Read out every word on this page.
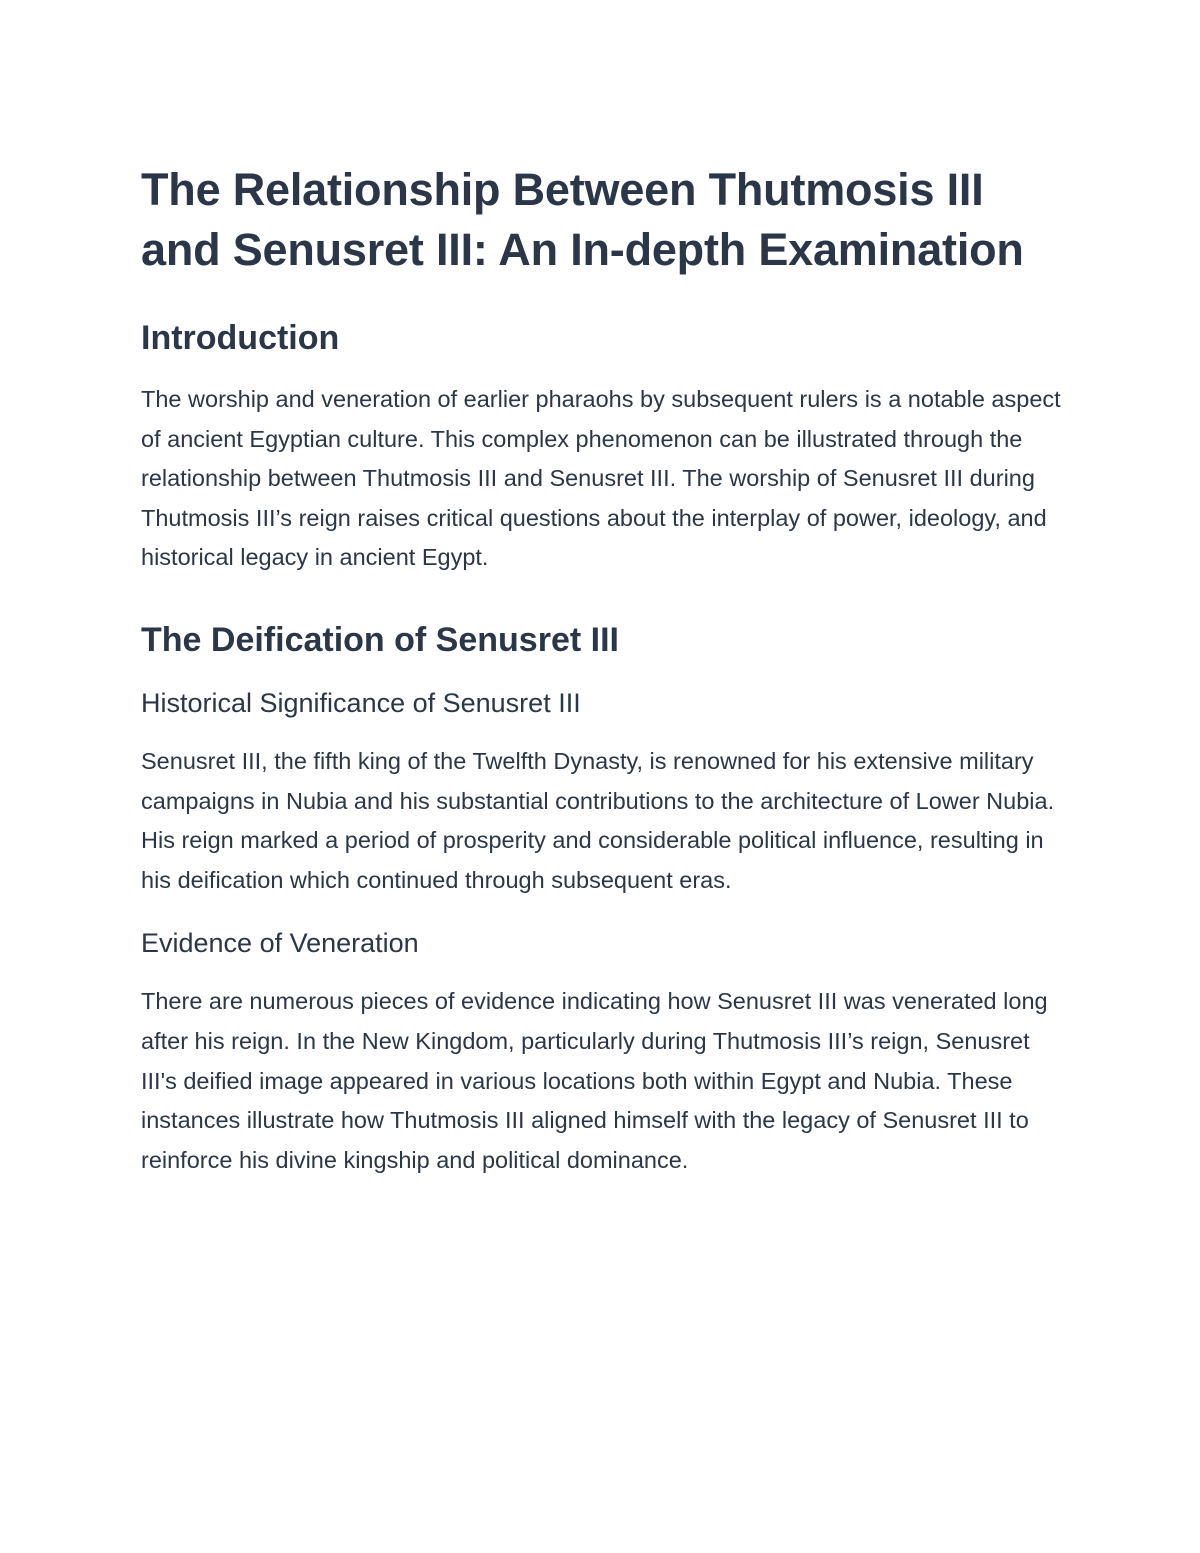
The Relationship Between Thutmosis III and Senusret III: An In-depth Examination
Introduction

The worship and veneration of earlier pharaohs by subsequent rulers is a notable aspect of ancient Egyptian culture. This complex phenomenon can be illustrated through the relationship between Thutmosis III and Senusret III. The worship of Senusret III during Thutmosis III’s reign raises critical questions about the interplay of power, ideology, and historical legacy in ancient Egypt.

The Deification of Senusret III
Historical Significance of Senusret III

Senusret III, the fifth king of the Twelfth Dynasty, is renowned for his extensive military campaigns in Nubia and his substantial contributions to the architecture of Lower Nubia. His reign marked a period of prosperity and considerable political influence, resulting in his deification which continued through subsequent eras.

Evidence of Veneration

There are numerous pieces of evidence indicating how Senusret III was venerated long after his reign. In the New Kingdom, particularly during Thutmosis III’s reign, Senusret III's deified image appeared in various locations both within Egypt and Nubia. These instances illustrate how Thutmosis III aligned himself with the legacy of Senusret III to reinforce his divine kingship and political dominance.
